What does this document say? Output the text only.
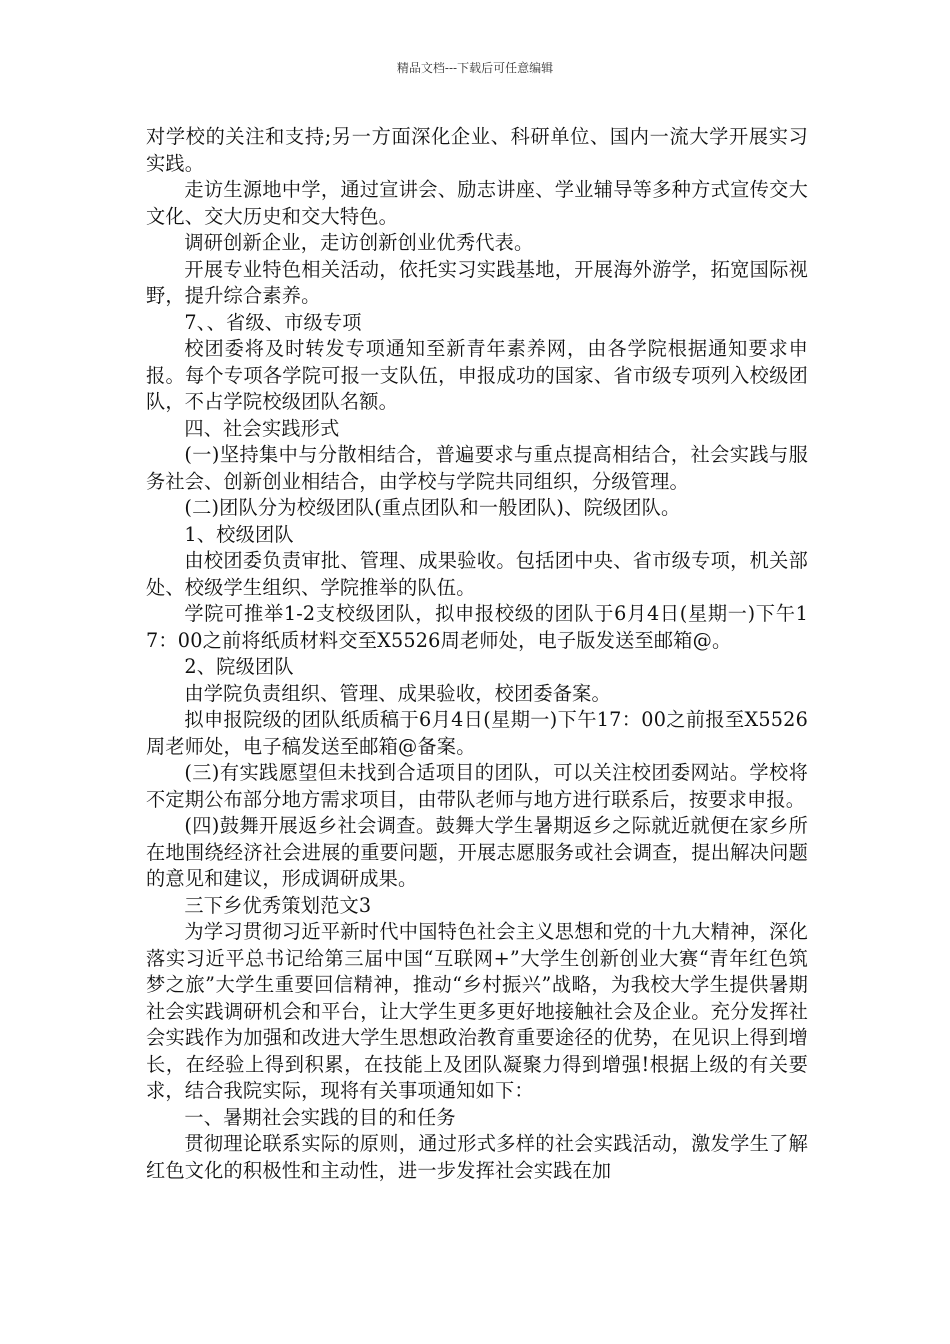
精品文档---下载后可任意编辑

对学校的关注和支持;另一方面深化企业、科研单位、国内一流大学开展实习实践。

走访生源地中学，通过宣讲会、励志讲座、学业辅导等多种方式宣传交大文化、交大历史和交大特色。

调研创新企业，走访创新创业优秀代表。

开展专业特色相关活动，依托实习实践基地，开展海外游学，拓宽国际视野，提升综合素养。

7、、省级、市级专项

校团委将及时转发专项通知至新青年素养网，由各学院根据通知要求申报。每个专项各学院可报一支队伍，申报成功的国家、省市级专项列入校级团队，不占学院校级团队名额。

四、社会实践形式

(一)坚持集中与分散相结合，普遍要求与重点提高相结合，社会实践与服务社会、创新创业相结合，由学校与学院共同组织，分级管理。

(二)团队分为校级团队(重点团队和一般团队)、院级团队。

1、校级团队

由校团委负责审批、管理、成果验收。包括团中央、省市级专项，机关部处、校级学生组织、学院推举的队伍。

学院可推举1-2支校级团队，拟申报校级的团队于6月4日(星期一)下午17：00之前将纸质材料交至X5526周老师处，电子版发送至邮箱@。

2、院级团队

由学院负责组织、管理、成果验收，校团委备案。

拟申报院级的团队纸质稿于6月4日(星期一)下午17：00之前报至X5526周老师处，电子稿发送至邮箱@备案。

(三)有实践愿望但未找到合适项目的团队，可以关注校团委网站。学校将不定期公布部分地方需求项目，由带队老师与地方进行联系后，按要求申报。

(四)鼓舞开展返乡社会调查。鼓舞大学生暑期返乡之际就近就便在家乡所在地围绕经济社会进展的重要问题，开展志愿服务或社会调查，提出解决问题的意见和建议，形成调研成果。

三下乡优秀策划范文3

为学习贯彻习近平新时代中国特色社会主义思想和党的十九大精神，深化落实习近平总书记给第三届中国“互联网+”大学生创新创业大赛“青年红色筑梦之旅”大学生重要回信精神，推动“乡村振兴”战略，为我校大学生提供暑期社会实践调研机会和平台，让大学生更多更好地接触社会及企业。充分发挥社会实践作为加强和改进大学生思想政治教育重要途径的优势，在见识上得到增长，在经验上得到积累，在技能上及团队凝聚力得到增强!根据上级的有关要求，结合我院实际，现将有关事项通知如下：

一、暑期社会实践的目的和任务

贯彻理论联系实际的原则，通过形式多样的社会实践活动，激发学生了解红色文化的积极性和主动性，进一步发挥社会实践在加
